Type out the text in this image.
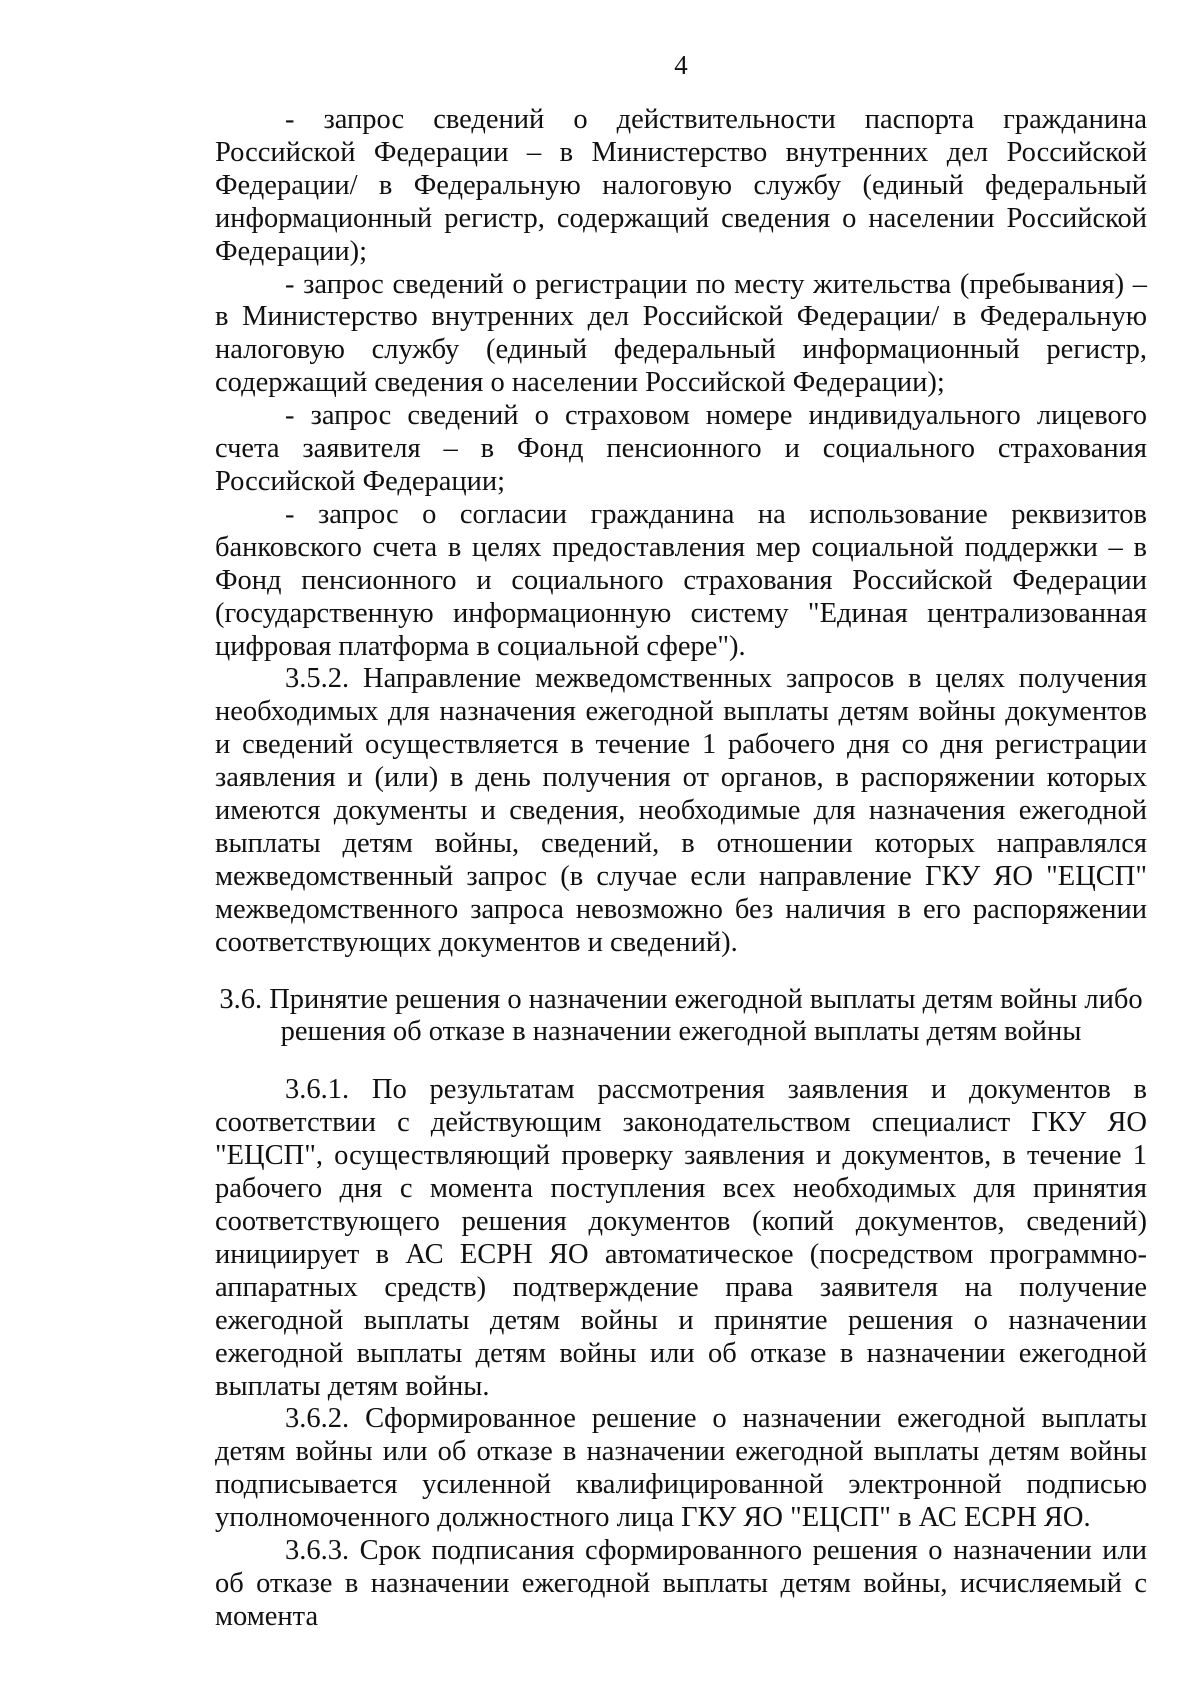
4

- запрос сведений о действительности паспорта гражданина Российской Федерации – в Министерство внутренних дел Российской Федерации/ в Федеральную налоговую службу (единый федеральный информационный регистр, содержащий сведения о населении Российской Федерации);

- запрос сведений о регистрации по месту жительства (пребывания) – в Министерство внутренних дел Российской Федерации/ в Федеральную налоговую службу (единый федеральный информационный регистр, содержащий сведения о населении Российской Федерации);

- запрос сведений о страховом номере индивидуального лицевого счета заявителя – в Фонд пенсионного и социального страхования Российской Федерации;

- запрос о согласии гражданина на использование реквизитов банковского счета в целях предоставления мер социальной поддержки – в Фонд пенсионного и социального страхования Российской Федерации (государственную информационную систему "Единая централизованная цифровая платформа в социальной сфере").

3.5.2. Направление межведомственных запросов в целях получения необходимых для назначения ежегодной выплаты детям войны документов и сведений осуществляется в течение 1 рабочего дня со дня регистрации заявления и (или) в день получения от органов, в распоряжении которых имеются документы и сведения, необходимые для назначения ежегодной выплаты детям войны, сведений, в отношении которых направлялся межведомственный запрос (в случае если направление ГКУ ЯО "ЕЦСП" межведомственного запроса невозможно без наличия в его распоряжении соответствующих документов и сведений).

3.6. Принятие решения о назначении ежегодной выплаты детям войны либо
решения об отказе в назначении ежегодной выплаты детям войны

3.6.1. По результатам рассмотрения заявления и документов в соответствии с действующим законодательством специалист ГКУ ЯО "ЕЦСП", осуществляющий проверку заявления и документов, в течение 1 рабочего дня с момента поступления всех необходимых для принятия соответствующего решения документов (копий документов, сведений) инициирует в АС ЕСРН ЯО автоматическое (посредством программно-аппаратных средств) подтверждение права заявителя на получение ежегодной выплаты детям войны и принятие решения о назначении ежегодной выплаты детям войны или об отказе в назначении ежегодной выплаты детям войны.

3.6.2. Сформированное решение о назначении ежегодной выплаты детям войны или об отказе в назначении ежегодной выплаты детям войны подписывается усиленной квалифицированной электронной подписью уполномоченного должностного лица ГКУ ЯО "ЕЦСП" в АС ЕСРН ЯО.

3.6.3. Срок подписания сформированного решения о назначении или об отказе в назначении ежегодной выплаты детям войны, исчисляемый с момента
